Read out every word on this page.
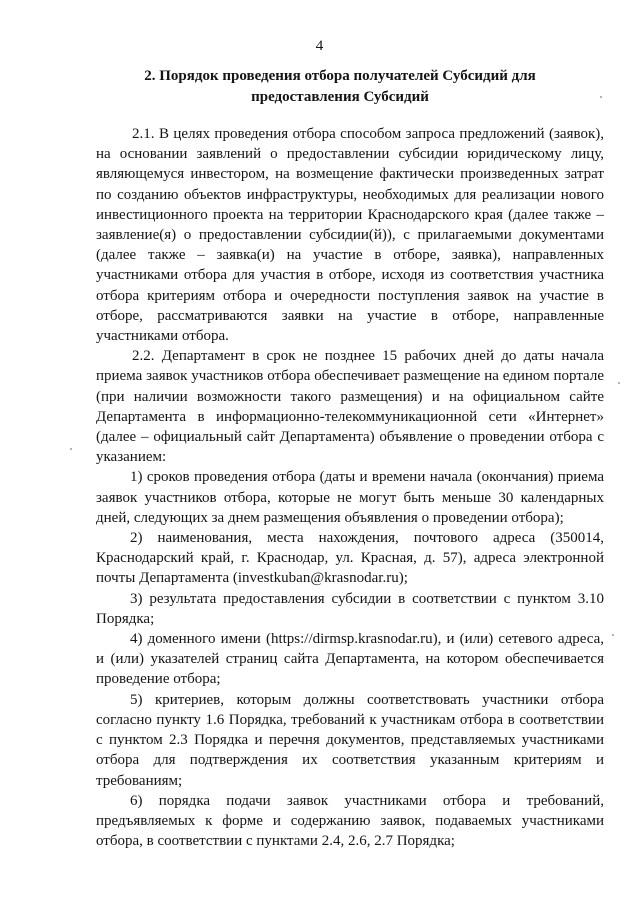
4
2. Порядок проведения отбора получателей Субсидий для предоставления Субсидий

2.1. В целях проведения отбора способом запроса предложений (заявок), на основании заявлений о предоставлении субсидии юридическому лицу, являющемуся инвестором, на возмещение фактически произведенных затрат по созданию объектов инфраструктуры, необходимых для реализации нового инвестиционного проекта на территории Краснодарского края (далее также – заявление(я) о предоставлении субсидии(й)), с прилагаемыми документами (далее также – заявка(и) на участие в отборе, заявка), направленных участниками отбора для участия в отборе, исходя из соответствия участника отбора критериям отбора и очередности поступления заявок на участие в отборе, рассматриваются заявки на участие в отборе, направленные участниками отбора.

2.2. Департамент в срок не позднее 15 рабочих дней до даты начала приема заявок участников отбора обеспечивает размещение на едином портале (при наличии возможности такого размещения) и на официальном сайте Департамента в информационно-телекоммуникационной сети «Интернет» (далее – официальный сайт Департамента) объявление о проведении отбора с указанием:

1) сроков проведения отбора (даты и времени начала (окончания) приема заявок участников отбора, которые не могут быть меньше 30 календарных дней, следующих за днем размещения объявления о проведении отбора);

2) наименования, места нахождения, почтового адреса (350014, Краснодарский край, г. Краснодар, ул. Красная, д. 57), адреса электронной почты Департамента (investkuban@krasnodar.ru);

3) результата предоставления субсидии в соответствии с пунктом 3.10 Порядка;

4) доменного имени (https://dirmsp.krasnodar.ru), и (или) сетевого адреса, и (или) указателей страниц сайта Департамента, на котором обеспечивается проведение отбора;

5) критериев, которым должны соответствовать участники отбора согласно пункту 1.6 Порядка, требований к участникам отбора в соответствии с пунктом 2.3 Порядка и перечня документов, представляемых участниками отбора для подтверждения их соответствия указанным критериям и требованиям;

6) порядка подачи заявок участниками отбора и требований, предъявляемых к форме и содержанию заявок, подаваемых участниками отбора, в соответствии с пунктами 2.4, 2.6, 2.7 Порядка;
